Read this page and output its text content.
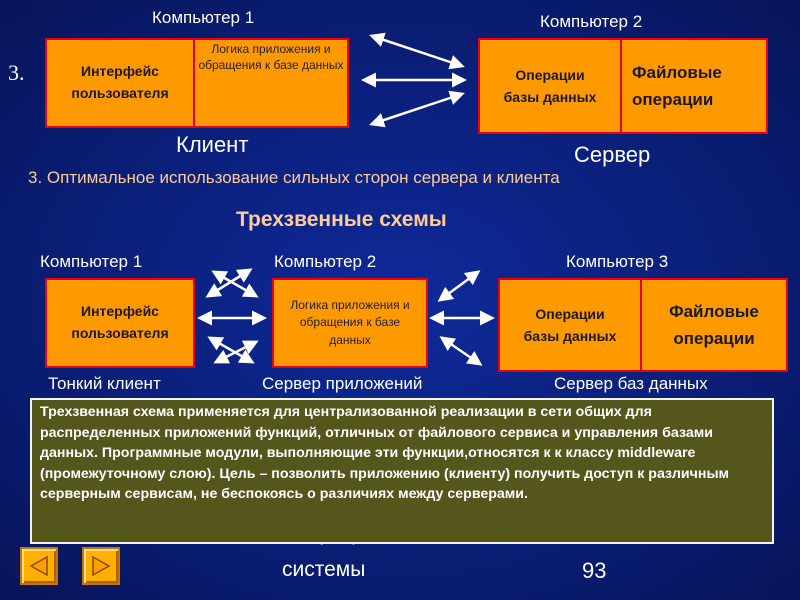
Компьютер 1	Компьютер 2
3.	Интерфейс пользователя
Логика приложения и обращения к базе данных
Операции базы данных
Файловые операции
Клиент	Сервер
3. Оптимальное использование сильных сторон сервера и клиента
Трехзвенные схемы
Компьютер 1	Компьютер 2	Компьютер 3
Интерфейс пользователя
Логика приложения и обращения к базе данных
Операции базы данных
Файловые операции
Тонкий клиент	Сервер приложений	Сервер баз данных
системы	93
Трехзвенная схема применяется для централизованной реализации в сети общих для распределенных приложений функций, отличных от файлового сервиса и управления базами данных. Программные модули, выполняющие эти функции,относятся к к классу middleware (промежуточному слою). Цель – позволить приложению (клиенту) получить доступ к различным серверным сервисам, не беспокоясь о различиях между серверами.
